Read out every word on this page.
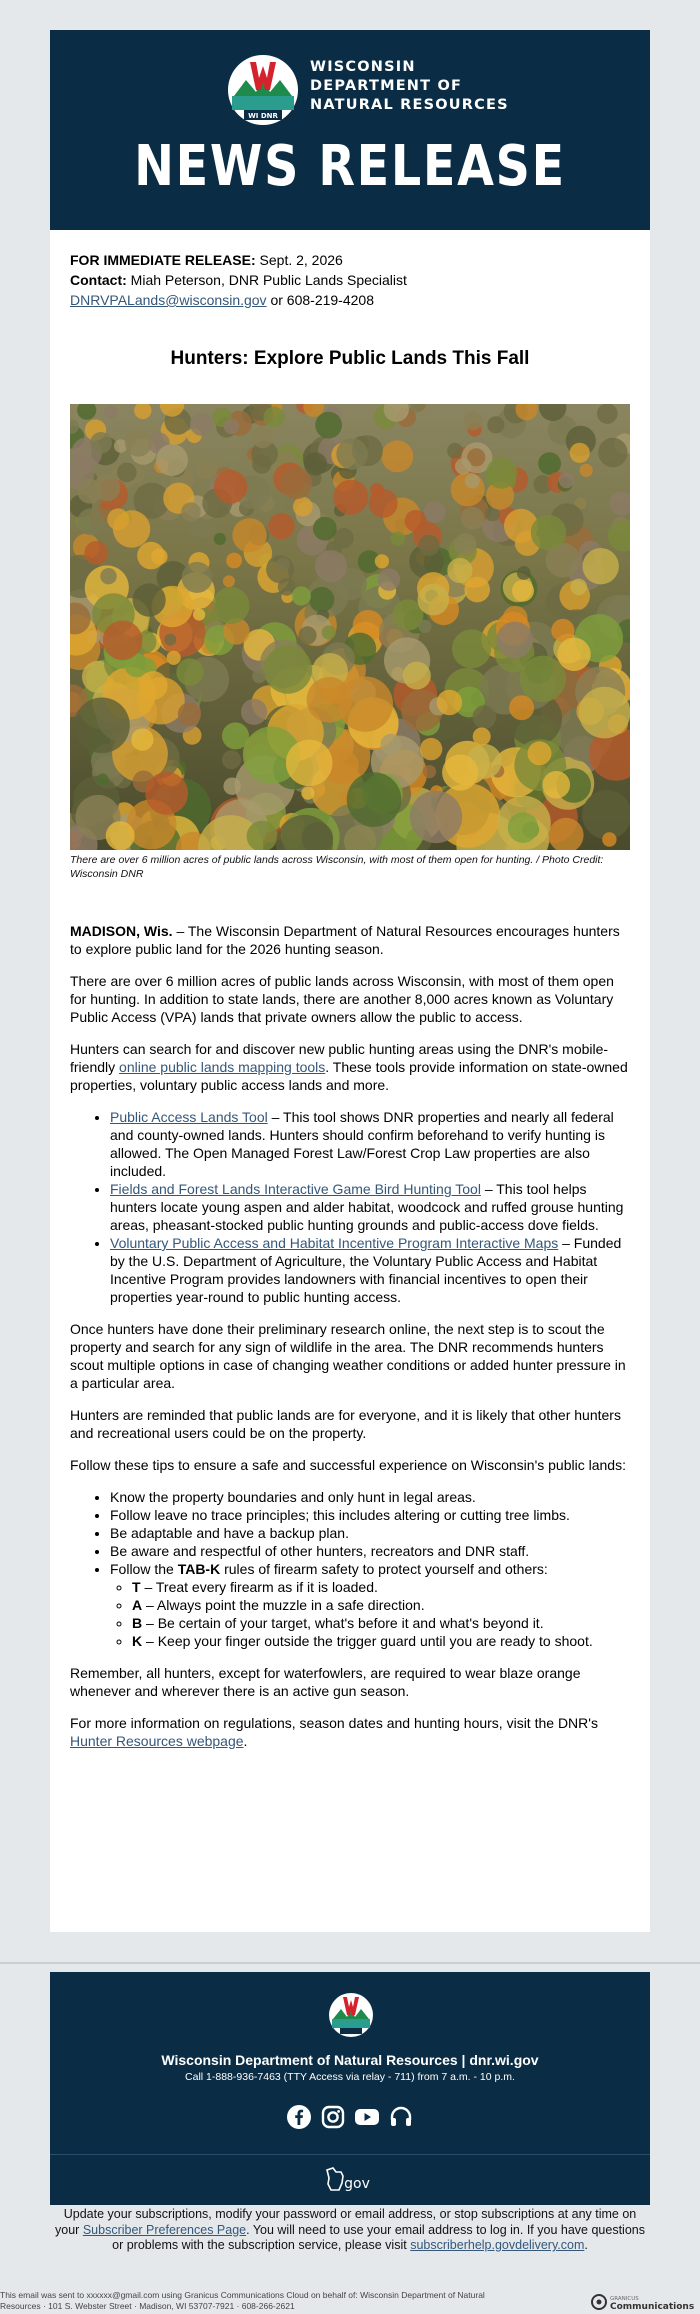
WI DNR
WISCONSIN
DEPARTMENT OF
NATURAL RESOURCES
NEWS RELEASE
FOR IMMEDIATE RELEASE: Sept. 2, 2026
Contact: Miah Peterson, DNR Public Lands Specialist
DNRVPALands@wisconsin.gov or 608-219-4208
Hunters: Explore Public Lands This Fall
There are over 6 million acres of public lands across Wisconsin, with most of them open for hunting. / Photo Credit: Wisconsin DNR

MADISON, Wis. – The Wisconsin Department of Natural Resources encourages hunters to explore public land for the 2026 hunting season.

There are over 6 million acres of public lands across Wisconsin, with most of them open for hunting. In addition to state lands, there are another 8,000 acres known as Voluntary Public Access (VPA) lands that private owners allow the public to access.

Hunters can search for and discover new public hunting areas using the DNR's mobile-friendly online public lands mapping tools. These tools provide information on state-owned properties, voluntary public access lands and more.

• Public Access Lands Tool – This tool shows DNR properties and nearly all federal and county-owned lands. Hunters should confirm beforehand to verify hunting is allowed. The Open Managed Forest Law/Forest Crop Law properties are also included.
• Fields and Forest Lands Interactive Game Bird Hunting Tool – This tool helps hunters locate young aspen and alder habitat, woodcock and ruffed grouse hunting areas, pheasant-stocked public hunting grounds and public-access dove fields.
• Voluntary Public Access and Habitat Incentive Program Interactive Maps – Funded by the U.S. Department of Agriculture, the Voluntary Public Access and Habitat Incentive Program provides landowners with financial incentives to open their properties year-round to public hunting access.

Once hunters have done their preliminary research online, the next step is to scout the property and search for any sign of wildlife in the area. The DNR recommends hunters scout multiple options in case of changing weather conditions or added hunter pressure in a particular area.

Hunters are reminded that public lands are for everyone, and it is likely that other hunters and recreational users could be on the property.

Follow these tips to ensure a safe and successful experience on Wisconsin's public lands:

• Know the property boundaries and only hunt in legal areas.
• Follow leave no trace principles; this includes altering or cutting tree limbs.
• Be adaptable and have a backup plan.
• Be aware and respectful of other hunters, recreators and DNR staff.
• Follow the TAB-K rules of firearm safety to protect yourself and others:
◦ T – Treat every firearm as if it is loaded.
◦ A – Always point the muzzle in a safe direction.
◦ B – Be certain of your target, what's before it and what's beyond it.
◦ K – Keep your finger outside the trigger guard until you are ready to shoot.

Remember, all hunters, except for waterfowlers, are required to wear blaze orange whenever and wherever there is an active gun season.

For more information on regulations, season dates and hunting hours, visit the DNR's Hunter Resources webpage.

Wisconsin Department of Natural Resources | dnr.wi.gov
Call 1-888-936-7463 (TTY Access via relay - 711) from 7 a.m. - 10 p.m.
gov
Update your subscriptions, modify your password or email address, or stop subscriptions at any time on your Subscriber Preferences Page. You will need to use your email address to log in. If you have questions or problems with the subscription service, please visit subscriberhelp.govdelivery.com.
This email was sent to xxxxxx@gmail.com using Granicus Communications Cloud on behalf of: Wisconsin Department of Natural
Resources · 101 S. Webster Street · Madison, WI 53707-7921 · 608-266-2621
GRANICUS
Communications
